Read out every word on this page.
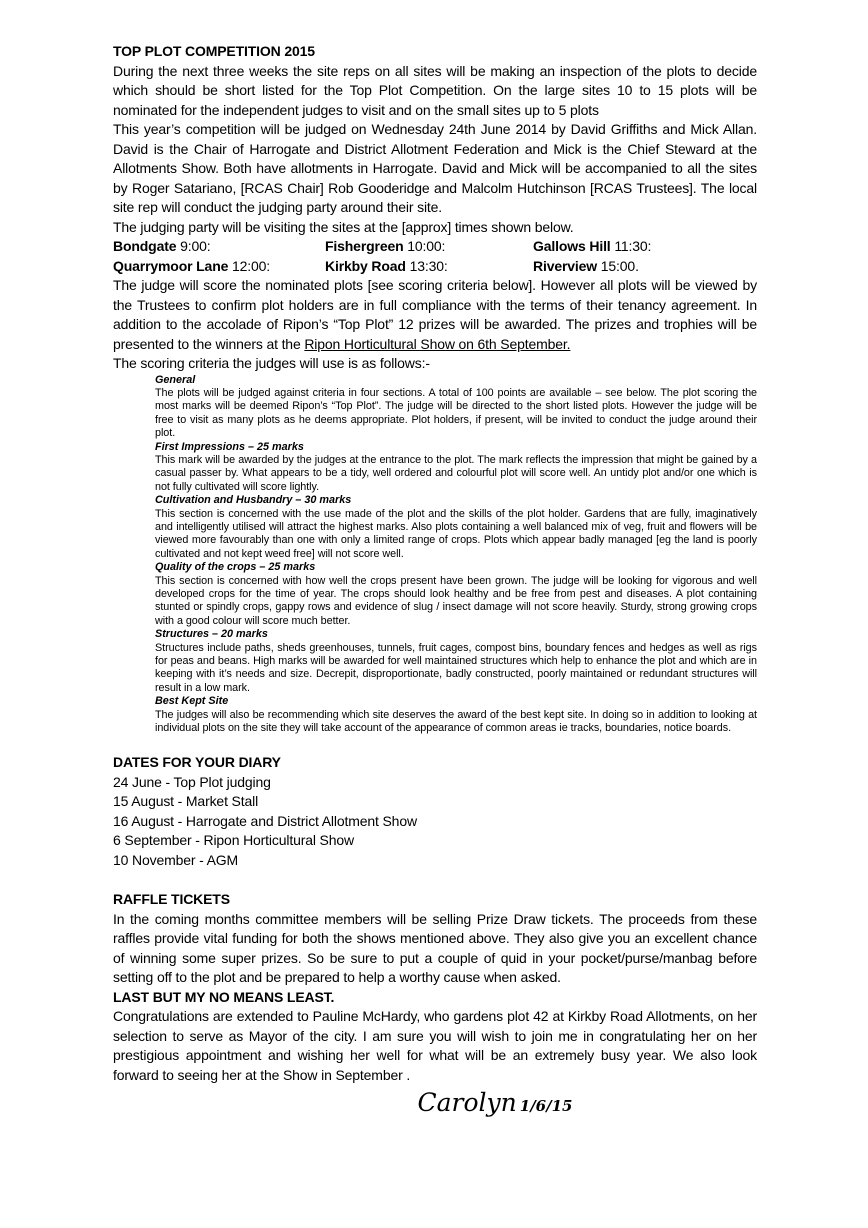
TOP PLOT COMPETITION 2015

During the next three weeks the site reps on all sites will be making an inspection of the plots to decide which should be short listed for the Top Plot Competition. On the large sites 10 to 15 plots will be nominated for the independent judges to visit and on the small sites up to 5 plots

This year’s competition will be judged on Wednesday 24th June 2014 by David Griffiths and Mick Allan. David is the Chair of Harrogate and District Allotment Federation and Mick is the Chief Steward at the Allotments Show. Both have allotments in Harrogate. David and Mick will be accompanied to all the sites by Roger Satariano, [RCAS Chair] Rob Gooderidge and Malcolm Hutchinson [RCAS Trustees]. The local site rep will conduct the judging party around their site.

The judging party will be visiting the sites at the [approx] times shown below.

Bondgate 9:00:	Fishergreen 10:00:	Gallows Hill 11:30:
Quarrymoor Lane 12:00:	Kirkby Road 13:30:	Riverview 15:00.

The judge will score the nominated plots [see scoring criteria below]. However all plots will be viewed by the Trustees to confirm plot holders are in full compliance with the terms of their tenancy agreement. In addition to the accolade of Ripon’s “Top Plot” 12 prizes will be awarded. The prizes and trophies will be presented to the winners at the Ripon Horticultural Show on 6th September.

The scoring criteria the judges will use is as follows:-

General
The plots will be judged against criteria in four sections. A total of 100 points are available – see below. The plot scoring the most marks will be deemed Ripon’s “Top Plot”. The judge will be directed to the short listed plots. However the judge will be free to visit as many plots as he deems appropriate. Plot holders, if present, will be invited to conduct the judge around their plot.
First Impressions – 25 marks
This mark will be awarded by the judges at the entrance to the plot. The mark reflects the impression that might be gained by a casual passer by. What appears to be a tidy, well ordered and colourful plot will score well. An untidy plot and/or one which is not fully cultivated will score lightly.
Cultivation and Husbandry – 30 marks
This section is concerned with the use made of the plot and the skills of the plot holder. Gardens that are fully, imaginatively and intelligently utilised will attract the highest marks. Also plots containing a well balanced mix of veg, fruit and flowers will be viewed more favourably than one with only a limited range of crops. Plots which appear badly managed [eg the land is poorly cultivated and not kept weed free] will not score well.
Quality of the crops – 25 marks
This section is concerned with how well the crops present have been grown. The judge will be looking for vigorous and well developed crops for the time of year. The crops should look healthy and be free from pest and diseases. A plot containing stunted or spindly crops, gappy rows and evidence of slug / insect damage will not score heavily. Sturdy, strong growing crops with a good colour will score much better.
Structures – 20 marks
Structures include paths, sheds greenhouses, tunnels, fruit cages, compost bins, boundary fences and hedges as well as rigs for peas and beans. High marks will be awarded for well maintained structures which help to enhance the plot and which are in keeping with it’s needs and size. Decrepit, disproportionate, badly constructed, poorly maintained or redundant structures will result in a low mark.
Best Kept Site
The judges will also be recommending which site deserves the award of the best kept site. In doing so in addition to looking at individual plots on the site they will take account of the appearance of common areas ie tracks, boundaries, notice boards.
DATES FOR YOUR DIARY
24 June - Top Plot judging
15 August - Market Stall
16 August - Harrogate and District Allotment Show
6 September - Ripon Horticultural Show
10 November - AGM
RAFFLE TICKETS

In the coming months committee members will be selling Prize Draw tickets. The proceeds from these raffles provide vital funding for both the shows mentioned above. They also give you an excellent chance of winning some super prizes. So be sure to put a couple of quid in your pocket/purse/manbag before setting off to the plot and be prepared to help a worthy cause when asked.

LAST BUT MY NO MEANS LEAST.

Congratulations are extended to Pauline McHardy, who gardens plot 42 at Kirkby Road Allotments, on her selection to serve as Mayor of the city. I am sure you will wish to join me in congratulating her on her prestigious appointment and wishing her well for what will be an extremely busy year. We also look forward to seeing her at the Show in September .

Carolyn 1/6/15
